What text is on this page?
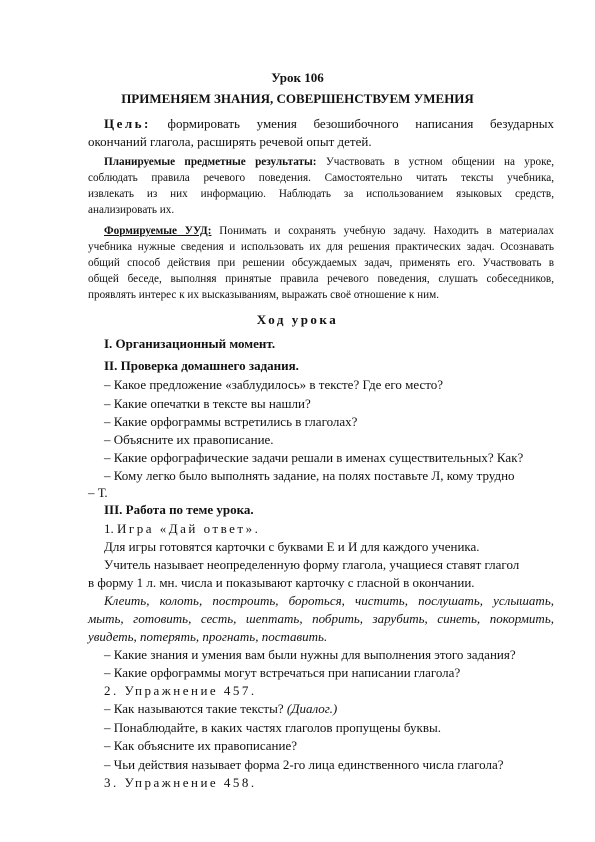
Урок 106
ПРИМЕНЯЕМ ЗНАНИЯ, СОВЕРШЕНСТВУЕМ УМЕНИЯ
Цель: формировать умения безошибочного написания безударных
окончаний глагола, расширять речевой опыт детей.
Планируемые предметные результаты: Участвовать в устном общении на уроке,
соблюдать правила речевого поведения. Самостоятельно читать тексты учебника,
извлекать из них информацию. Наблюдать за использованием языковых средств,
анализировать их.
Формируемые УУД: Понимать и сохранять учебную задачу. Находить в материалах
учебника нужные сведения и использовать их для решения практических задач. Осознавать
общий способ действия при решении обсуждаемых задач, применять его. Участвовать в
общей беседе, выполняя принятые правила речевого поведения, слушать собеседников,
проявлять интерес к их высказываниям, выражать своё отношение к ним.
Ход урока
I. Организационный момент.
II. Проверка домашнего задания.
– Какое предложение «заблудилось» в тексте? Где его место?
– Какие опечатки в тексте вы нашли?
– Какие орфограммы встретились в глаголах?
– Объясните их правописание.
– Какие орфографические задачи решали в именах существительных? Как?
– Кому легко было выполнять задание, на полях поставьте Л, кому трудно
– Т.
III. Работа по теме урока.
1. Игра «Дай ответ».
Для игры готовятся карточки с буквами Е и И для каждого ученика.
Учитель называет неопределенную форму глагола, учащиеся ставят глагол
в форму 1 л. мн. числа и показывают карточку с гласной в окончании.
Клеить, колоть, построить, бороться, чистить, послушать, услышать,
мыть, готовить, сесть, шептать, побрить, зарубить, синеть, покормить,
увидеть, потерять, прогнать, поставить.
– Какие знания и умения вам были нужны для выполнения этого задания?
– Какие орфограммы могут встречаться при написании глагола?
2. Упражнение 457.
– Как называются такие тексты? (Диалог.)
– Понаблюдайте, в каких частях глаголов пропущены буквы.
– Как объясните их правописание?
– Чьи действия называет форма 2-го лица единственного числа глагола?
3. Упражнение 458.
